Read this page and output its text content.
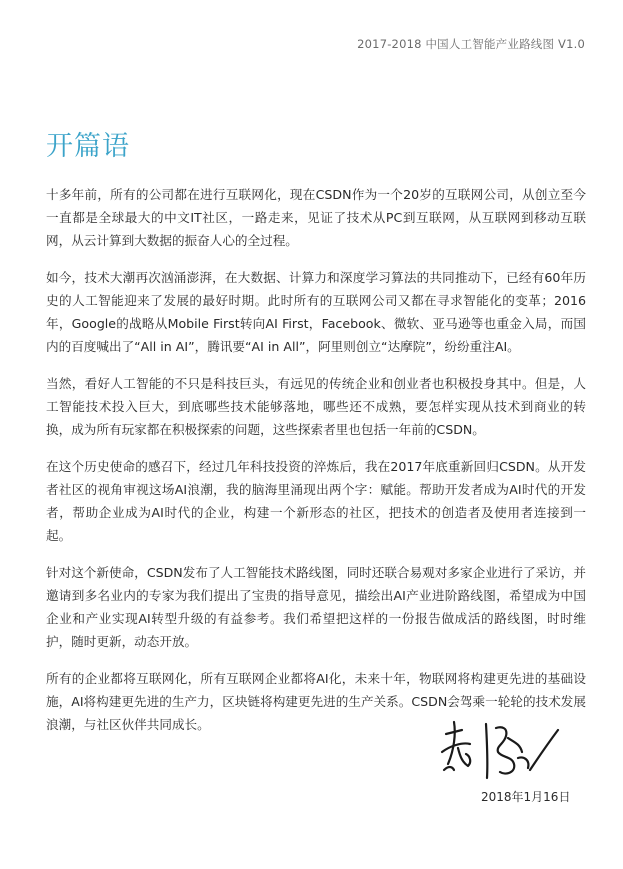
2017-2018 中国人工智能产业路线图 V1.0
开篇语

十多年前，所有的公司都在进行互联网化，现在CSDN作为一个20岁的互联网公司，从创立至今一直都是全球最大的中文IT社区，一路走来，见证了技术从PC到互联网，从互联网到移动互联网，从云计算到大数据的振奋人心的全过程。

如今，技术大潮再次汹涌澎湃，在大数据、计算力和深度学习算法的共同推动下，已经有60年历史的人工智能迎来了发展的最好时期。此时所有的互联网公司又都在寻求智能化的变革；2016年，Google的战略从Mobile First转向AI First，Facebook、微软、亚马逊等也重金入局，而国内的百度喊出了“All in AI”，腾讯要“AI in All”，阿里则创立“达摩院”，纷纷重注AI。

当然，看好人工智能的不只是科技巨头，有远见的传统企业和创业者也积极投身其中。但是，人工智能技术投入巨大，到底哪些技术能够落地，哪些还不成熟，要怎样实现从技术到商业的转换，成为所有玩家都在积极探索的问题，这些探索者里也包括一年前的CSDN。

在这个历史使命的感召下，经过几年科技投资的淬炼后，我在2017年底重新回归CSDN。从开发者社区的视角审视这场AI浪潮，我的脑海里涌现出两个字：赋能。帮助开发者成为AI时代的开发者，帮助企业成为AI时代的企业，构建一个新形态的社区，把技术的创造者及使用者连接到一起。

针对这个新使命，CSDN发布了人工智能技术路线图，同时还联合易观对多家企业进行了采访，并邀请到多名业内的专家为我们提出了宝贵的指导意见，描绘出AI产业进阶路线图，希望成为中国企业和产业实现AI转型升级的有益参考。我们希望把这样的一份报告做成活的路线图，时时维护，随时更新，动态开放。

所有的企业都将互联网化，所有互联网企业都将AI化，未来十年，物联网将构建更先进的基础设施，AI将构建更先进的生产力，区块链将构建更先进的生产关系。CSDN会驾乘一轮轮的技术发展浪潮，与社区伙伴共同成长。

2018年1月16日
